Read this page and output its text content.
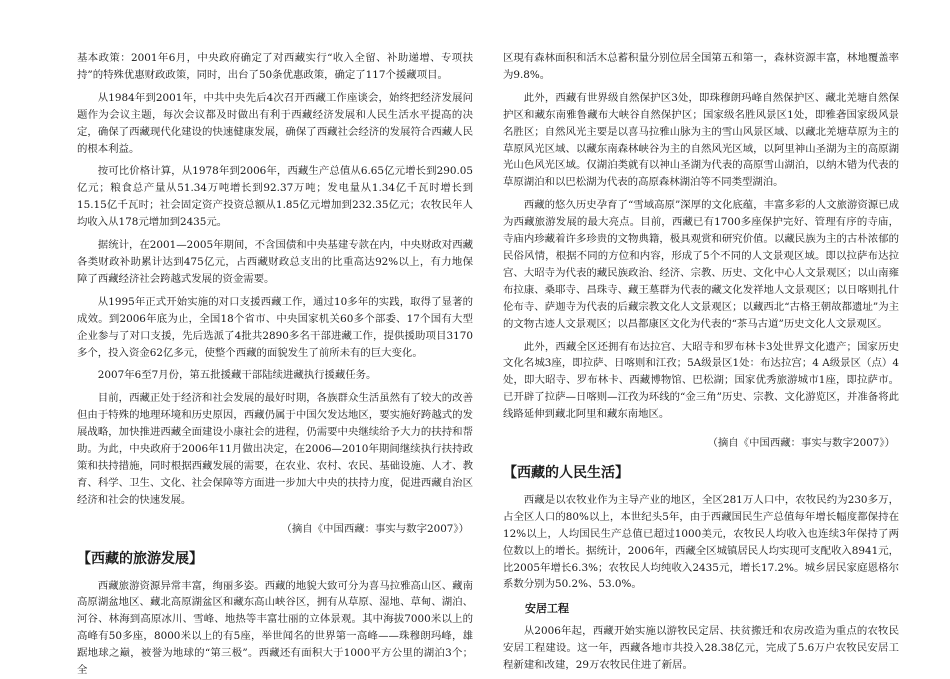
基本政策：2001年6月，中央政府确定了对西藏实行“收入全留、补助递增、专项扶持”的特殊优惠财政政策，同时，出台了50条优惠政策，确定了117个援藏项目。

从1984年到2001年，中共中央先后4次召开西藏工作座谈会，始终把经济发展问题作为会议主题，每次会议都及时做出有利于西藏经济发展和人民生活水平提高的决定，确保了西藏现代化建设的快速健康发展，确保了西藏社会经济的发展符合西藏人民的根本利益。

按可比价格计算，从1978年到2006年，西藏生产总值从6.65亿元增长到290.05亿元；粮食总产量从51.34万吨增长到92.37万吨；发电量从1.34亿千瓦时增长到15.15亿千瓦时；社会固定资产投资总额从1.85亿元增加到232.35亿元；农牧民年人均收入从178元增加到2435元。

据统计，在2001—2005年期间，不含国债和中央基建专款在内，中央财政对西藏各类财政补助累计达到475亿元，占西藏财政总支出的比重高达92%以上，有力地保障了西藏经济社会跨越式发展的资金需要。

从1995年正式开始实施的对口支援西藏工作，通过10多年的实践，取得了显著的成效。到2006年底为止，全国18个省市、中央国家机关60多个部委、17个国有大型企业参与了对口支援，先后选派了4批共2890多名干部进藏工作，提供援助项目3170多个，投入资金62亿多元，使整个西藏的面貌发生了前所未有的巨大变化。

2007年6至7月份，第五批援藏干部陆续进藏执行援藏任务。

目前，西藏正处于经济和社会发展的最好时期，各族群众生活虽然有了较大的改善但由于特殊的地理环境和历史原因，西藏仍属于中国欠发达地区，要实施好跨越式的发展战略，加快推进西藏全面建设小康社会的进程，仍需要中央继续给予大力的扶持和帮助。为此，中央政府于2006年11月做出决定，在2006—2010年期间继续执行扶持政策和扶持措施，同时根据西藏发展的需要，在农业、农村、农民、基础设施、人才、教育、科学、卫生、文化、社会保障等方面进一步加大中央的扶持力度，促进西藏自治区经济和社会的快速发展。

（摘自《中国西藏：事实与数字2007》）

【西藏的旅游发展】

西藏旅游资源异常丰富，绚丽多姿。西藏的地貌大致可分为喜马拉雅高山区、藏南高原湖盆地区、藏北高原湖盆区和藏东高山峡谷区，拥有从草原、湿地、草甸、湖泊、河谷、林海到高原冰川、雪峰、地热等丰富壮丽的立体景观。其中海拔7000米以上的高峰有50多座，8000米以上的有5座，举世闻名的世界第一高峰——珠穆朗玛峰，雄踞地球之巅，被誉为地球的“第三极”。西藏还有面积大于1000平方公里的湖泊3个；全

区現有森林面积和活木总蓄积量分别位居全国第五和第一，森林资源丰富，林地覆盖率为9.8%。

此外，西藏有世界级自然保护区3处，即珠穆朗玛峰自然保护区、藏北羌塘自然保护区和藏东南雅鲁藏布大峡谷自然保护区；国家级名胜风景区1处，即雅砻国家级风景名胜区；自然风光主要是以喜马拉雅山脉为主的雪山风景区域、以藏北羌塘草原为主的草原风光区域、以藏东南森林峡谷为主的自然风光区域，以阿里神山圣湖为主的高原湖光山色风光区域。仅湖泊类就有以神山圣湖为代表的高原雪山湖泊，以纳木错为代表的草原湖泊和以巴松湖为代表的高原森林湖泊等不同类型湖泊。

西藏的悠久历史孕育了“雪域高原”深厚的文化底蕴，丰富多彩的人文旅游资源已成为西藏旅游发展的最大亮点。目前，西藏已有1700多座保护完好、管理有序的寺庙，寺庙内珍藏着许多珍贵的文物典籍，极具观赏和研究价值。以藏民族为主的古朴浓郁的民俗风情，根据不同的方位和内容，形成了5个不同的人文景观区域。即以拉萨布达拉宫、大昭寺为代表的藏民族政治、经济、宗教、历史、文化中心人文景观区；以山南雍布拉康、桑耶寺、昌珠寺、藏王墓群为代表的藏文化发祥地人文景观区；以日喀则扎什伦布寺、萨迦寺为代表的后藏宗教文化人文景观区；以藏西北“古格王朝故都遗址”为主的文物古迹人文景观区；以昌都康区文化为代表的“茶马古道”历史文化人文景观区。

此外，西藏全区还拥有布达拉宫、大昭寺和罗布林卡3处世界文化遗产；国家历史文化名城3座，即拉萨、日喀则和江孜；5A级景区1处：布达拉宫；4 A级景区（点）4处，即大昭寺、罗布林卡、西藏博物馆、巴松湖；国家优秀旅游城市1座，即拉萨市。已开辟了拉萨—日喀则—江孜为环线的“金三角”历史、宗教、文化游览区，并准备将此线路延伸到藏北阿里和藏东南地区。

（摘自《中国西藏：事实与数字2007》）

【西藏的人民生活】

西藏是以农牧业作为主导产业的地区，全区281万人口中，农牧民约为230多万，占全区人口的80%以上，本世纪头5年，由于西藏国民生产总值每年增长幅度都保持在12%以上，人均国民生产总值已超过1000美元，农牧民人均收入也连续3年保持了两位数以上的增长。据统计，2006年，西藏全区城镇居民人均实现可支配收入8941元，比2005年增长6.3%；农牧民人均纯收入2435元，增长17.2%。城乡居民家庭恩格尔系数分别为50.2%、53.0%。

安居工程

从2006年起，西藏开始实施以游牧民定居、扶贫搬迁和农房改造为重点的农牧民安居工程建设。这一年，西藏各地市共投入28.38亿元，完成了5.6万户农牧民安居工程新建和改建，29万农牧民住进了新居。
